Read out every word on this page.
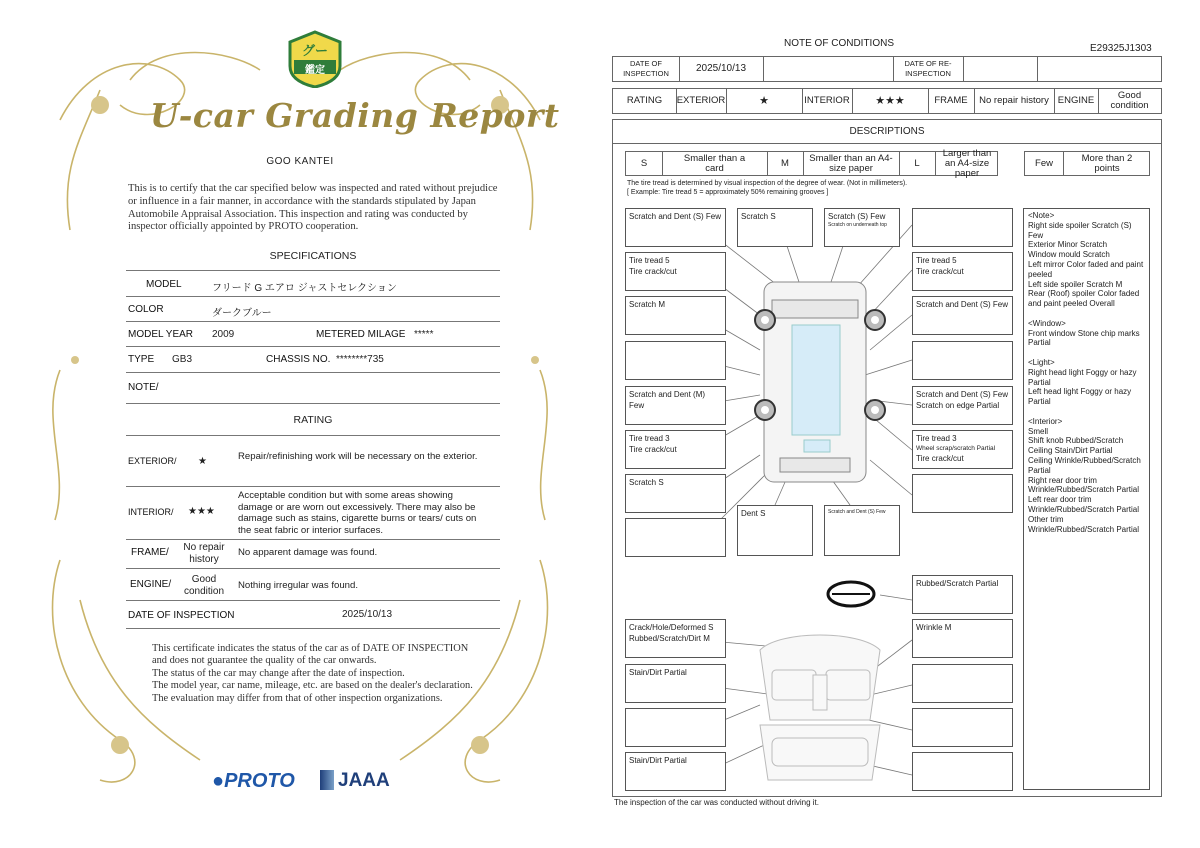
グー
鑑定
U-car Grading Report
GOO KANTEI
This is to certify that the car specified below was inspected and rated without prejudice or influence in a fair manner, in accordance with the standards stipulated by Japan Automobile Appraisal Association. This inspection and rating was conducted by inspector officially appointed by PROTO cooperation.
SPECIFICATIONS
MODEL	フリード G エアロ ジャストセレクション
COLOR	ダークブルー
MODEL YEAR 2009	METERED MILAGE *****
TYPE GB3	CHASSIS NO. ********735
NOTE/
RATING
EXTERIOR/ ★	Repair/refinishing work will be necessary on the exterior.
INTERIOR/ ★★★
Acceptable condition but with some areas showing damage or are worn out excessively. There may also be damage such as stains, cigarette burns or tears/ cuts on the seat fabric or interior surfaces.
FRAME/	No repair history
No apparent damage was found.
ENGINE/	Good condition
Nothing irregular was found.
DATE OF INSPECTION	2025/10/13
This certificate indicates the status of the car as of DATE OF INSPECTION and does not guarantee the quality of the car onwards.
The status of the car may change after the date of inspection.
The model year, car name, mileage, etc. are based on the dealer's declaration.
The evaluation may differ from that of other inspection organizations.
●PROTO	JAAA
NOTE OF CONDITIONS	E29325J1303
DATE OF INSPECTION	2025/10/13	DATE OF RE-INSPECTION
RATING	EXTERIOR	★	INTERIOR	★★★	FRAME	No repair history ENGINE	Good condition
DESCRIPTIONS
S	Smaller than a card	M	Smaller than an A4-size paper	L
Larger than an A4-size paper
Few	More than 2 points
The tire tread is determined by visual inspection of the degree of wear. (Not in millimeters).
[ Example: Tire tread 5 = approximately 50% remaining grooves ]
Scratch and Dent (S) Few
Tire tread 5
Tire crack/cut
Scratch M
Scratch and Dent (M) Few
Tire tread 3
Tire crack/cut
Scratch S
Scratch S	Scratch (S) Few
Scratch on underneath top
Tire tread 5
Tire crack/cut
Scratch and Dent (S) Few
Scratch and Dent (S) Few
Scratch on edge Partial
Tire tread 3
Wheel scrap/scratch Partial
Tire crack/cut
Dent S	Scratch and Dent (S) Few
Rubbed/Scratch Partial
Crack/Hole/Deformed S
Rubbed/Scratch/Dirt M
Wrinkle M
Stain/Dirt Partial
Stain/Dirt Partial
<Note>
Right side spoiler Scratch (S) Few
Exterior Minor Scratch
Window mould Scratch
Left mirror Color faded and paint peeled
Left side spoiler Scratch M
Rear (Roof) spoiler Color faded and paint peeled Overall

<Window>
Front window Stone chip marks Partial

<Light>
Right head light Foggy or hazy Partial
Left head light Foggy or hazy Partial

<Interior>
Smell
Shift knob Rubbed/Scratch
Ceiling Stain/Dirt Partial
Ceiling Wrinkle/Rubbed/Scratch Partial
Right rear door trim Wrinkle/Rubbed/Scratch Partial
Left rear door trim Wrinkle/Rubbed/Scratch Partial
Other trim Wrinkle/Rubbed/Scratch Partial
The inspection of the car was conducted without driving it.
